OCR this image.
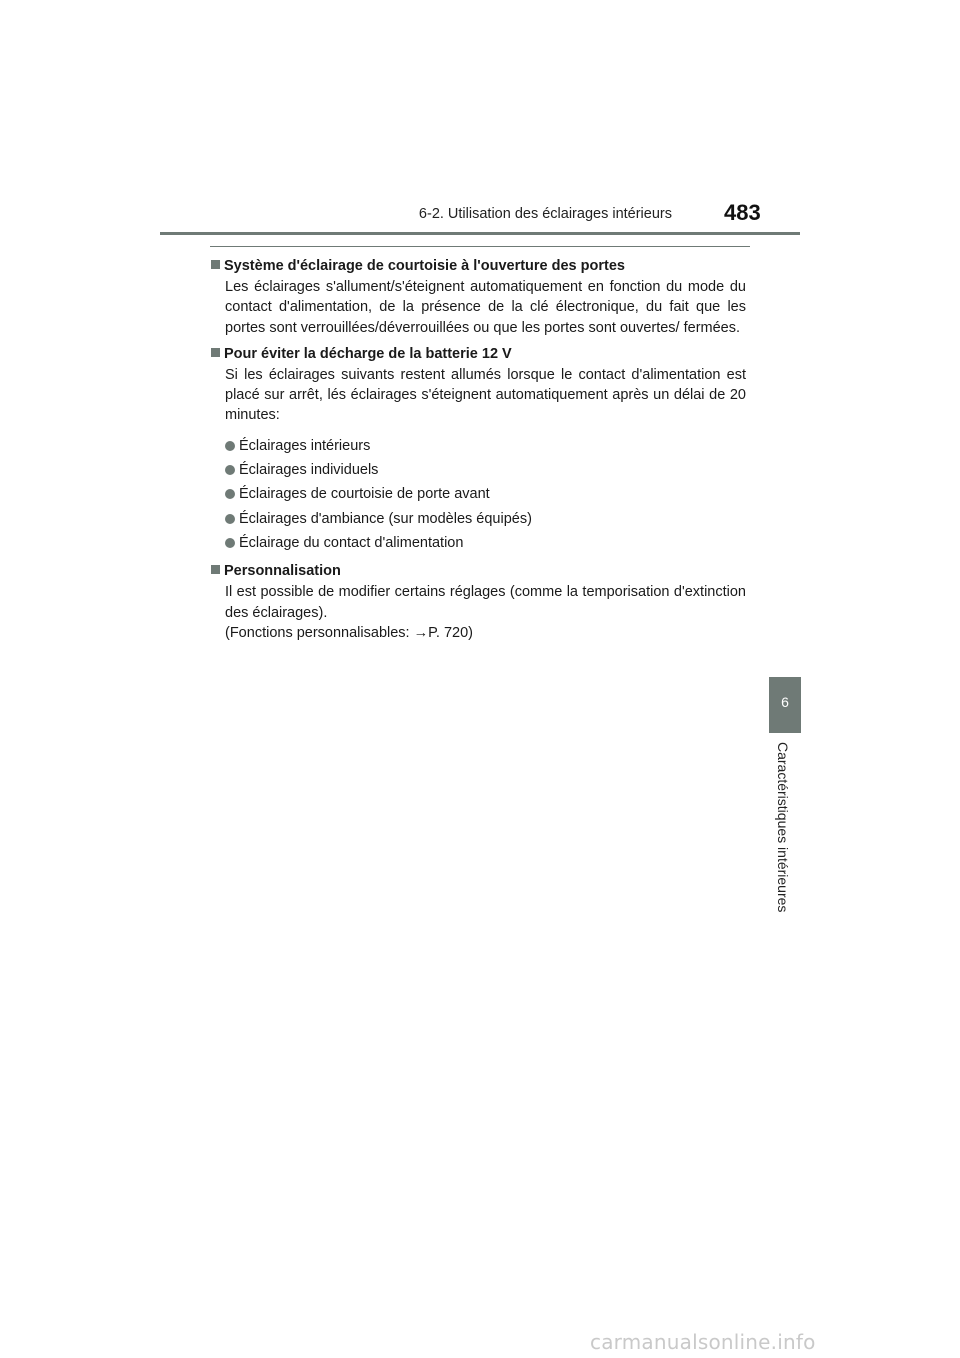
6-2. Utilisation des éclairages intérieurs 483
6
Caractéristiques intérieures

Système d'éclairage de courtoisie à l'ouverture des portes

Les éclairages s'allument/s'éteignent automatiquement en fonction du mode du contact d'alimentation, de la présence de la clé électronique, du fait que les portes sont verrouillées/déverrouillées ou que les portes sont ouvertes/ fermées.

Pour éviter la décharge de la batterie 12 V

Si les éclairages suivants restent allumés lorsque le contact d'alimentation est placé sur arrêt, lés éclairages s'éteignent automatiquement après un délai de 20 minutes:

Éclairages intérieurs
Éclairages individuels
Éclairages de courtoisie de porte avant
Éclairages d'ambiance (sur modèles équipés)
Éclairage du contact d'alimentation

Personnalisation

Il est possible de modifier certains réglages (comme la temporisation d'extinction des éclairages).
(Fonctions personnalisables: →P. 720)

carmanualsonline.info
